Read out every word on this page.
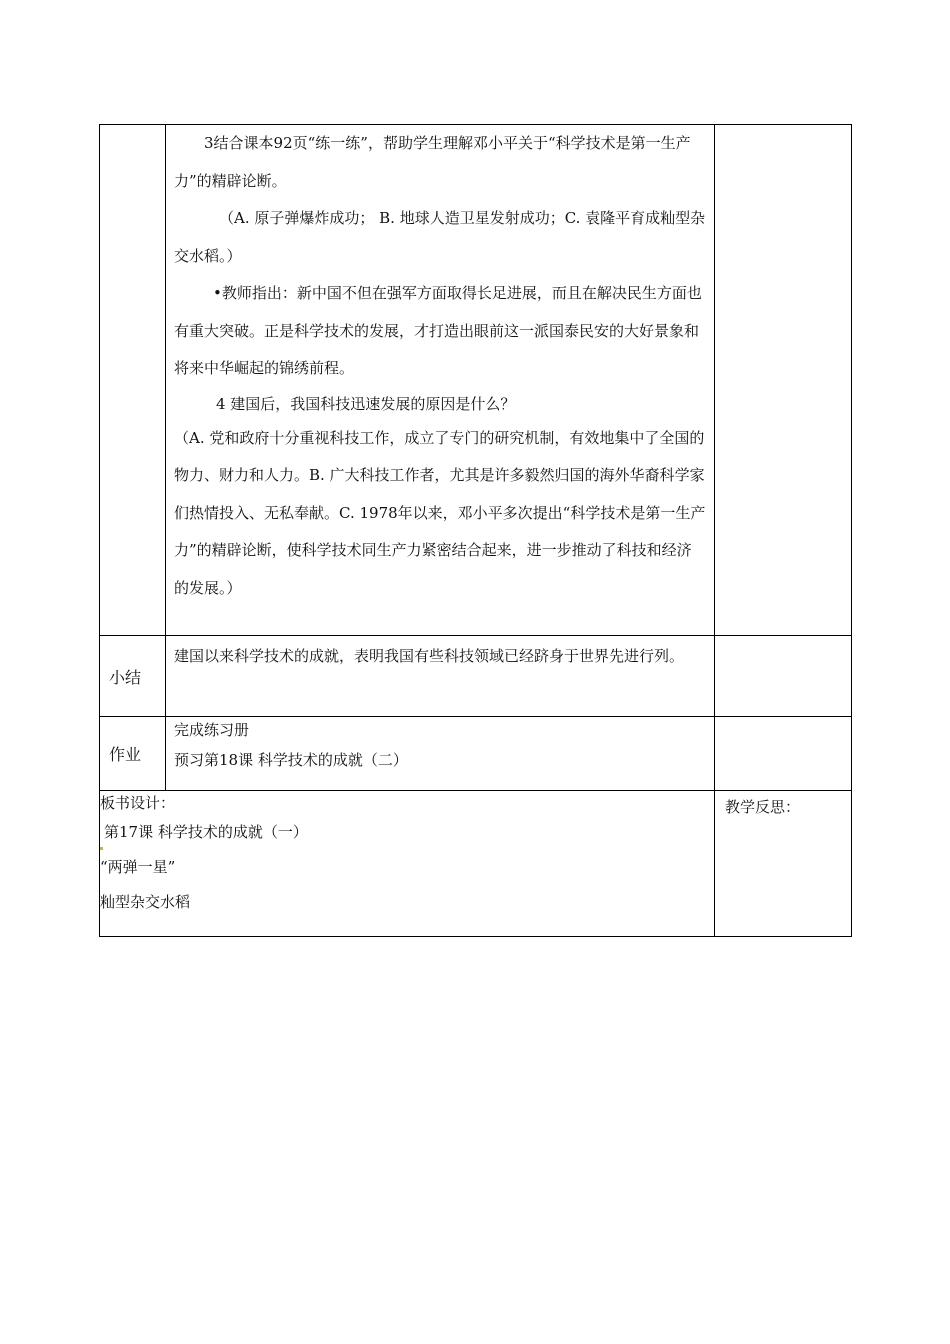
	3结合课本92页“练一练”，帮助学生理解邓小平关于“科学技术是第一生产力”的精辟论断。
（A. 原子弹爆炸成功； B. 地球人造卫星发射成功；C. 袁隆平育成籼型杂交水稻。）
•教师指出：新中国不但在强军方面取得长足进展，而且在解决民生方面也有重大突破。正是科学技术的发展，才打造出眼前这一派国泰民安的大好景象和将来中华崛起的锦绣前程。
4 建国后，我国科技迅速发展的原因是什么？
（A. 党和政府十分重视科技工作，成立了专门的研究机制，有效地集中了全国的物力、财力和人力。B. 广大科技工作者，尤其是许多毅然归国的海外华裔科学家们热情投入、无私奉献。C. 1978年以来，邓小平多次提出“科学技术是第一生产力”的精辟论断，使科学技术同生产力紧密结合起来，进一步推动了科技和经济的发展。）	

小结	建国以来科学技术的成就，表明我国有些科技领域已经跻身于世界先进行列。	

作业	完成练习册
预习第18课 科学技术的成就（二）	

板书设计：
第17课 科学技术的成就（一）
“两弹一星”
籼型杂交水稻		教学反思：
